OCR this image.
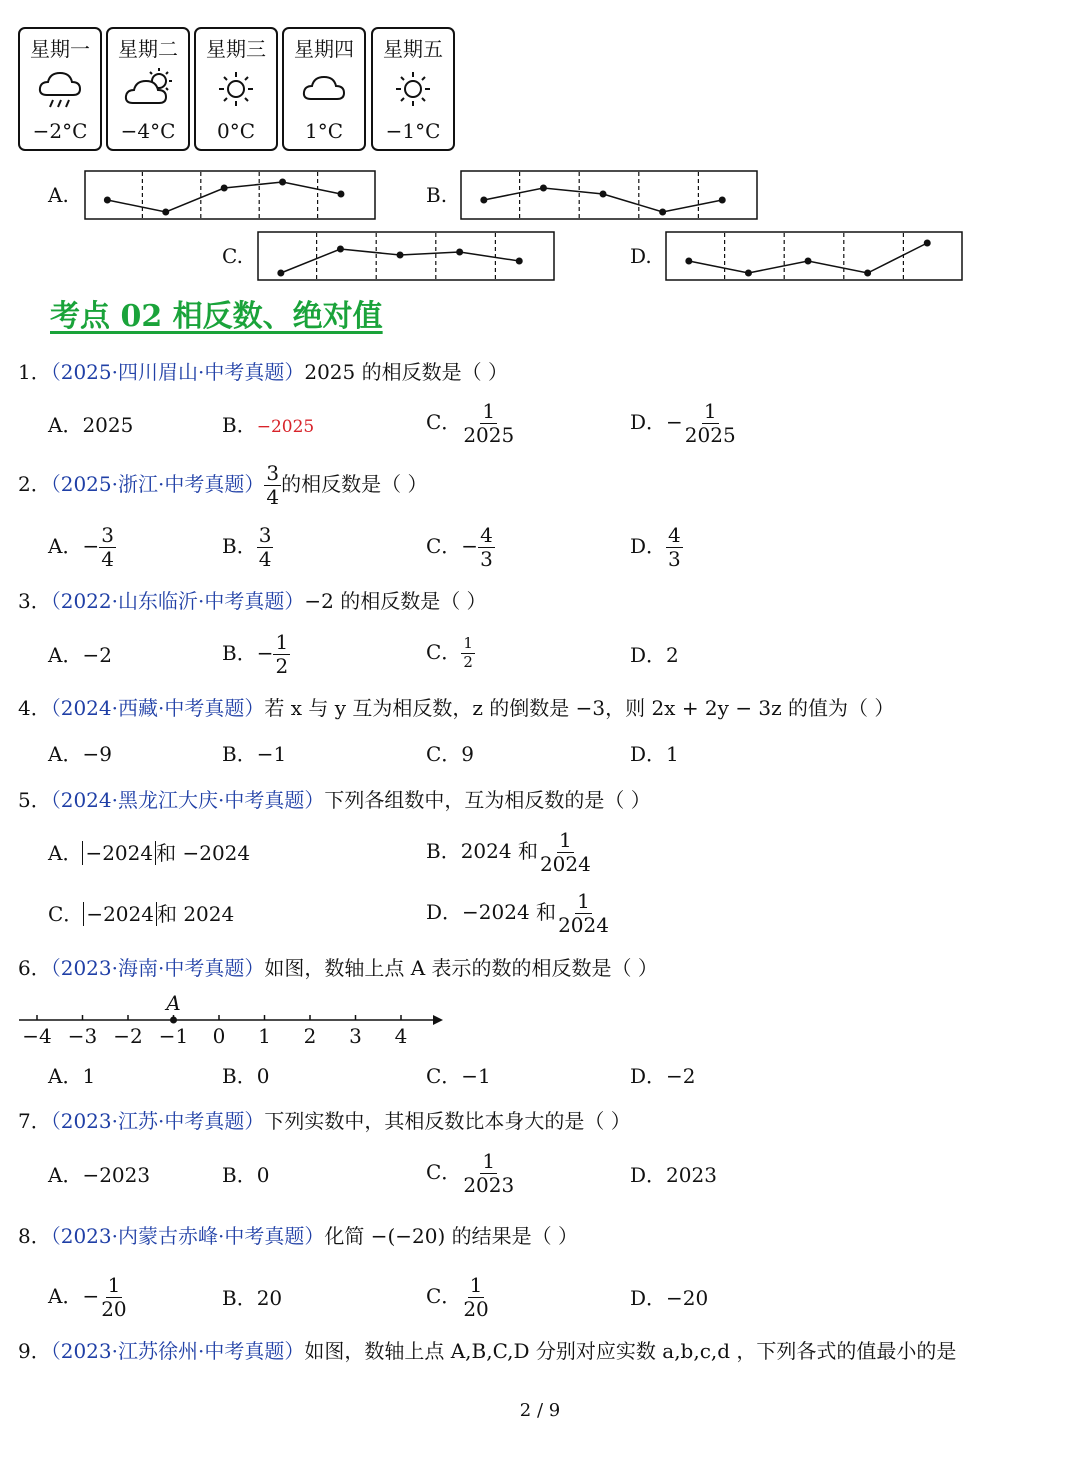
星期一
−2°C
星期二
−4°C
星期三
0°C
星期四
1°C
星期五
−1°C
A.	B.
C.	D.
考点 02 相反数、绝对值
1．（2025·四川眉山·中考真题）2025 的相反数是（ ）
A．2025	B．−2025	C． $\frac{1}{2025}$	D．− $\frac{1}{2025}$
2．（2025·浙江·中考真题） $\frac{3}{4}$ 的相反数是（ ）
A．− $\frac{3}{4}$	B． $\frac{3}{4}$	C．− $\frac{4}{3}$	D． $\frac{4}{3}$
3．（2022·山东临沂·中考真题）−2 的相反数是（ ）
A．−2	B．− $\frac{1}{2}$	C． $\frac{1}{2}$	D．2
4．（2024·西藏·中考真题）若 x 与 y 互为相反数，z 的倒数是 −3，则 2x + 2y − 3z 的值为（ ）
A．−9	B．−1	C．9	D．1
5．（2024·黑龙江大庆·中考真题）下列各组数中，互为相反数的是（ ）
A． −2024 和 −2024	B．2024 和 $\frac{1}{2024}$
C． −2024 和 2024	D．−2024 和 $\frac{1}{2024}$
6．（2023·海南·中考真题）如图，数轴上点 A 表示的数的相反数是（ ）
−4 −3 −2 −1 0 1 2 3 4
A
A．1	B．0	C．−1	D．−2
7．（2023·江苏·中考真题）下列实数中，其相反数比本身大的是（ ）
A．−2023	B．0	C． $\frac{1}{2023}$	D．2023
8．（2023·内蒙古赤峰·中考真题）化简 −(−20) 的结果是（ ）
A．− $\frac{1}{20}$	B．20	C． $\frac{1}{20}$	D．−20
9．（2023·江苏徐州·中考真题）如图，数轴上点 A,B,C,D 分别对应实数 a,b,c,d ，下列各式的值最小的是
2 / 9
